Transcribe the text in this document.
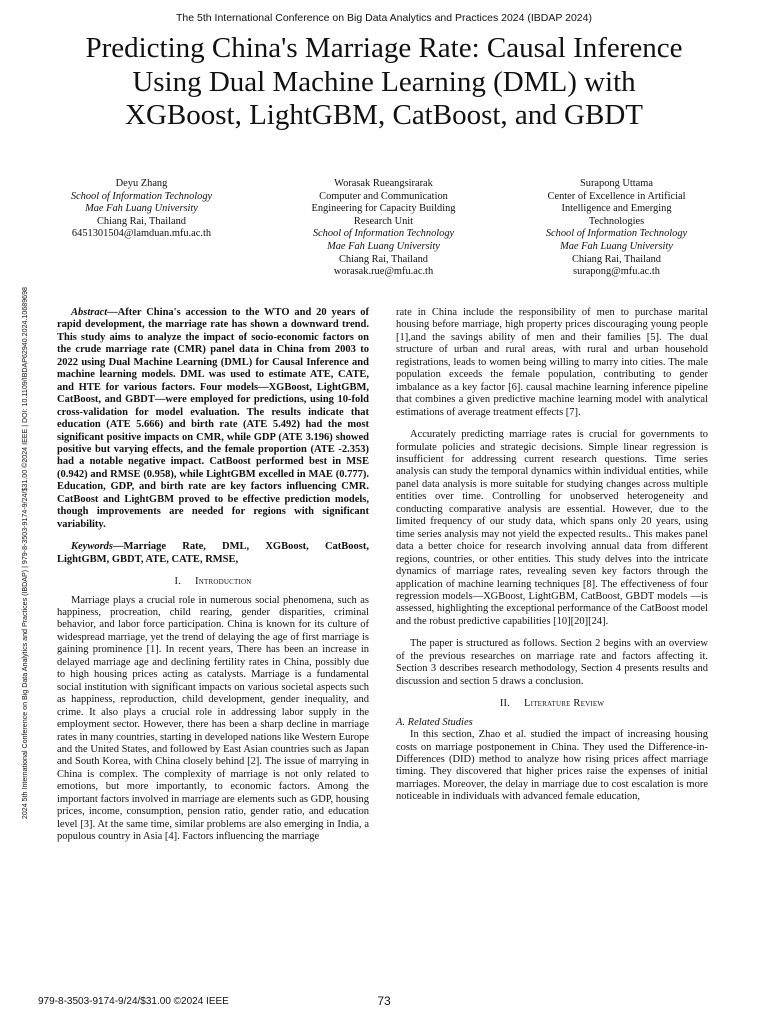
The 5th International Conference on Big Data Analytics and Practices 2024 (IBDAP 2024)
Predicting China's Marriage Rate: Causal Inference
Using Dual Machine Learning (DML) with
XGBoost, LightGBM, CatBoost, and GBDT
Deyu Zhang
School of Information Technology
Mae Fah Luang University
Chiang Rai, Thailand
6451301504@lamduan.mfu.ac.th
Worasak Rueangsirarak
Computer and Communication
Engineering for Capacity Building
Research Unit
School of Information Technology
Mae Fah Luang University
Chiang Rai, Thailand
worasak.rue@mfu.ac.th
Surapong Uttama
Center of Excellence in Artificial
Intelligence and Emerging
Technologies
School of Information Technology
Mae Fah Luang University
Chiang Rai, Thailand
surapong@mfu.ac.th
2024 5th International Conference on Big Data Analytics and Practices (IBDAP) | 979-8-3503-9174-9/24/$31.00 ©2024 IEEE | DOI: 10.1109/IBDAP62940.2024.10689698	Abstract—After China's accession to the WTO and 20 years of rapid development, the marriage rate has shown a downward trend. This study aims to analyze the impact of socio-economic factors on the crude marriage rate (CMR) panel data in China from 2003 to 2022 using Dual Machine Learning (DML) for Causal Inference and machine learning models. DML was used to estimate ATE, CATE, and HTE for various factors. Four models—XGBoost, LightGBM, CatBoost, and GBDT—were employed for predictions, using 10-fold cross-validation for model evaluation. The results indicate that education (ATE 5.666) and birth rate (ATE 5.492) had the most significant positive impacts on CMR, while GDP (ATE 3.196) showed positive but varying effects, and the female proportion (ATE -2.353) had a notable negative impact. CatBoost performed best in MSE (0.942) and RMSE (0.958), while LightGBM excelled in MAE (0.777). Education, GDP, and birth rate are key factors influencing CMR. CatBoost and LightGBM proved to be effective prediction models, though improvements are needed for regions with significant variability.

Keywords—Marriage Rate, DML, XGBoost, CatBoost, LightGBM, GBDT, ATE, CATE, RMSE,

I. Introduction

Marriage plays a crucial role in numerous social phenomena, such as happiness, procreation, child rearing, gender disparities, criminal behavior, and labor force participation. China is known for its culture of widespread marriage, yet the trend of delaying the age of first marriage is gaining prominence [1]. In recent years, There has been an increase in delayed marriage age and declining fertility rates in China, possibly due to high housing prices acting as catalysts. Marriage is a fundamental social institution with significant impacts on various societal aspects such as happiness, reproduction, child development, gender inequality, and crime. It also plays a crucial role in addressing labor supply in the employment sector. However, there has been a sharp decline in marriage rates in many countries, starting in developed nations like Western Europe and the United States, and followed by East Asian countries such as Japan and South Korea, with China closely behind [2]. The issue of marrying in China is complex. The complexity of marriage is not only related to emotions, but more importantly, to economic factors. Among the important factors involved in marriage are elements such as GDP, housing prices, income, consumption, pension ratio, gender ratio, and education level [3]. At the same time, similar problems are also emerging in India, a populous country in Asia [4]. Factors influencing the marriage

rate in China include the responsibility of men to purchase marital housing before marriage, high property prices discouraging young people [1],and the savings ability of men and their families [5]. The dual structure of urban and rural areas, with rural and urban household registrations, leads to women being willing to marry into cities. The male population exceeds the female population, contributing to gender imbalance as a key factor [6]. causal machine learning inference pipeline that combines a given predictive machine learning model with analytical estimations of average treatment effects [7].

Accurately predicting marriage rates is crucial for governments to formulate policies and strategic decisions. Simple linear regression is insufficient for addressing current research questions. Time series analysis can study the temporal dynamics within individual entities, while panel data analysis is more suitable for studying changes across multiple entities over time. Controlling for unobserved heterogeneity and conducting comparative analysis are essential. However, due to the limited frequency of our study data, which spans only 20 years, using time series analysis may not yield the expected results.. This makes panel data a better choice for research involving annual data from different regions, countries, or other entities. This study delves into the intricate dynamics of marriage rates, revealing seven key factors through the application of machine learning techniques [8]. The effectiveness of four regression models—XGBoost, LightGBM, CatBoost, GBDT models —is assessed, highlighting the exceptional performance of the CatBoost model and the robust predictive capabilities [10][20][24].

The paper is structured as follows. Section 2 begins with an overview of the previous researches on marriage rate and factors affecting it. Section 3 describes research methodology, Section 4 presents results and discussion and section 5 draws a conclusion.

II. Literature Review
A. Related Studies

In this section, Zhao et al. studied the impact of increasing housing costs on marriage postponement in China. They used the Difference-in-Differences (DID) method to analyze how rising prices affect marriage timing. They discovered that higher prices raise the expenses of initial marriages. Moreover, the delay in marriage due to cost escalation is more noticeable in individuals with advanced female education,

979-8-3503-9174-9/24/$31.00 ©2024 IEEE	73
